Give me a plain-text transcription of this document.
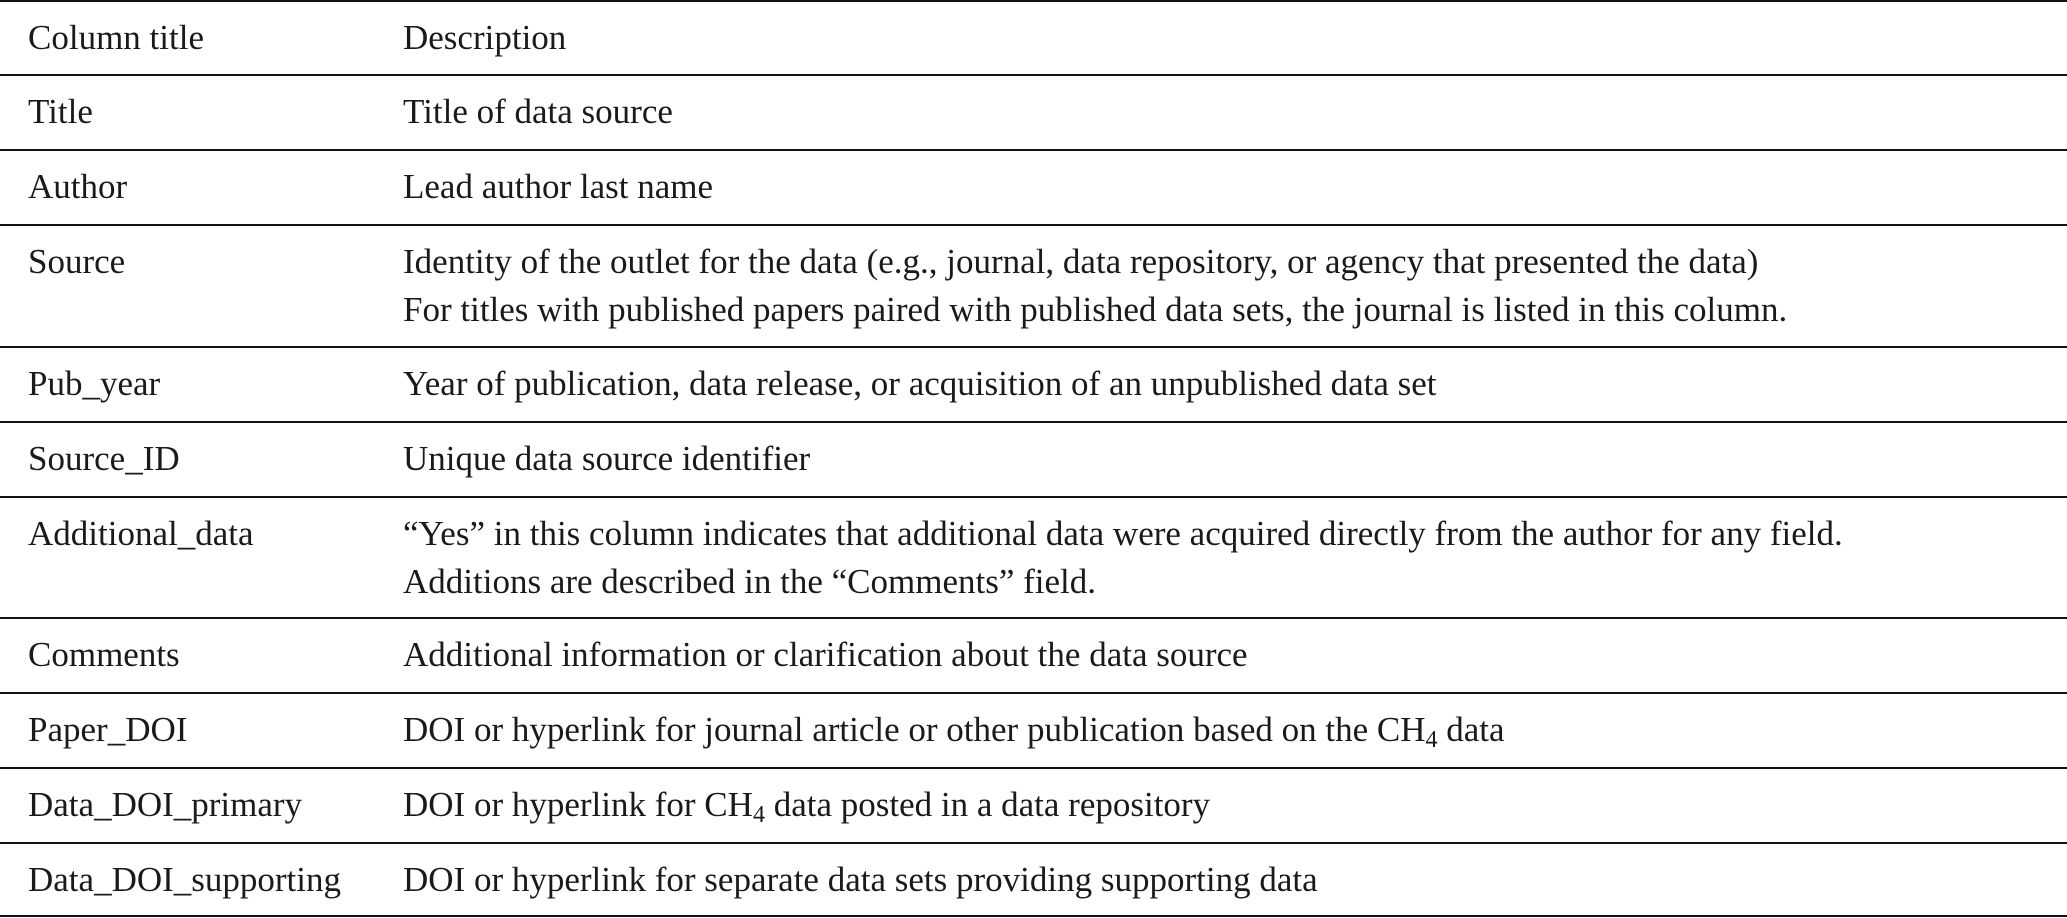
Column title	Description
Title	Title of data source
Author	Lead author last name
Source	Identity of the outlet for the data (e.g., journal, data repository, or agency that presented the data)
For titles with published papers paired with published data sets, the journal is listed in this column.
Pub_year	Year of publication, data release, or acquisition of an unpublished data set
Source_ID	Unique data source identifier
Additional_data	“Yes” in this column indicates that additional data were acquired directly from the author for any field.
Additions are described in the “Comments” field.
Comments	Additional information or clarification about the data source
Paper_DOI	DOI or hyperlink for journal article or other publication based on the $CH_4$ data
Data_DOI_primary	DOI or hyperlink for $CH_4$ data posted in a data repository
Data_DOI_supporting	DOI or hyperlink for separate data sets providing supporting data
